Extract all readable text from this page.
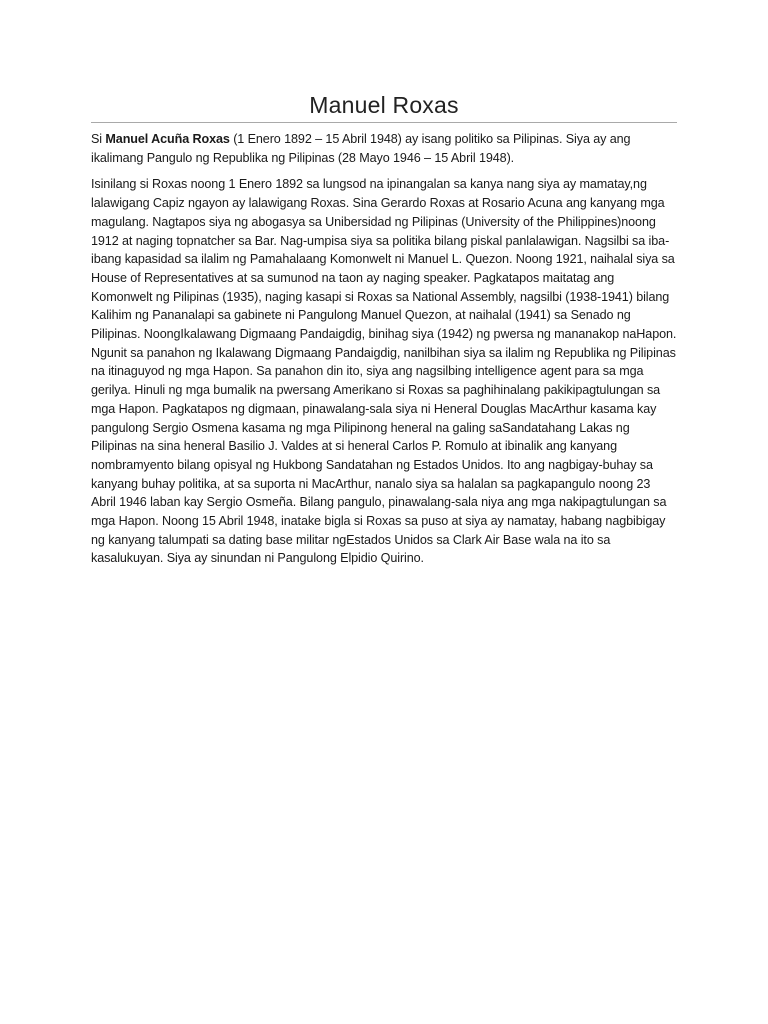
Manuel Roxas

Si Manuel Acuña Roxas (1 Enero 1892 – 15 Abril 1948) ay isang politiko sa Pilipinas. Siya ay ang ikalimang Pangulo ng Republika ng Pilipinas (28 Mayo 1946 – 15 Abril 1948).

Isinilang si Roxas noong 1 Enero 1892 sa lungsod na ipinangalan sa kanya nang siya ay mamatay,ng lalawigang Capiz ngayon ay lalawigang Roxas. Sina Gerardo Roxas at Rosario Acuna ang kanyang mga magulang. Nagtapos siya ng abogasya sa Unibersidad ng Pilipinas (University of the Philippines)noong 1912 at naging topnatcher sa Bar. Nag-umpisa siya sa politika bilang piskal panlalawigan. Nagsilbi sa iba-ibang kapasidad sa ilalim ng Pamahalaang Komonwelt ni Manuel L. Quezon. Noong 1921, naihalal siya sa House of Representatives at sa sumunod na taon ay naging speaker. Pagkatapos maitatag ang Komonwelt ng Pilipinas (1935), naging kasapi si Roxas sa National Assembly, nagsilbi (1938-1941) bilang Kalihim ng Pananalapi sa gabinete ni Pangulong Manuel Quezon, at naihalal (1941) sa Senado ng Pilipinas. NoongIkalawang Digmaang Pandaigdig, binihag siya (1942) ng pwersa ng mananakop naHapon. Ngunit sa panahon ng Ikalawang Digmaang Pandaigdig, nanilbihan siya sa ilalim ng Republika ng Pilipinas na itinaguyod ng mga Hapon. Sa panahon din ito, siya ang nagsilbing intelligence agent para sa mga gerilya. Hinuli ng mga bumalik na pwersang Amerikano si Roxas sa paghihinalang pakikipagtulungan sa mga Hapon. Pagkatapos ng digmaan, pinawalang-sala siya ni Heneral Douglas MacArthur kasama kay pangulong Sergio Osmena kasama ng mga Pilipinong heneral na galing saSandatahang Lakas ng Pilipinas na sina heneral Basilio J. Valdes at si heneral Carlos P. Romulo at ibinalik ang kanyang nombramyento bilang opisyal ng Hukbong Sandatahan ng Estados Unidos. Ito ang nagbigay-buhay sa kanyang buhay politika, at sa suporta ni MacArthur, nanalo siya sa halalan sa pagkapangulo noong 23 Abril 1946 laban kay Sergio Osmeña. Bilang pangulo, pinawalang-sala niya ang mga nakipagtulungan sa mga Hapon. Noong 15 Abril 1948, inatake bigla si Roxas sa puso at siya ay namatay, habang nagbibigay ng kanyang talumpati sa dating base militar ngEstados Unidos sa Clark Air Base wala na ito sa kasalukuyan. Siya ay sinundan ni Pangulong Elpidio Quirino.
